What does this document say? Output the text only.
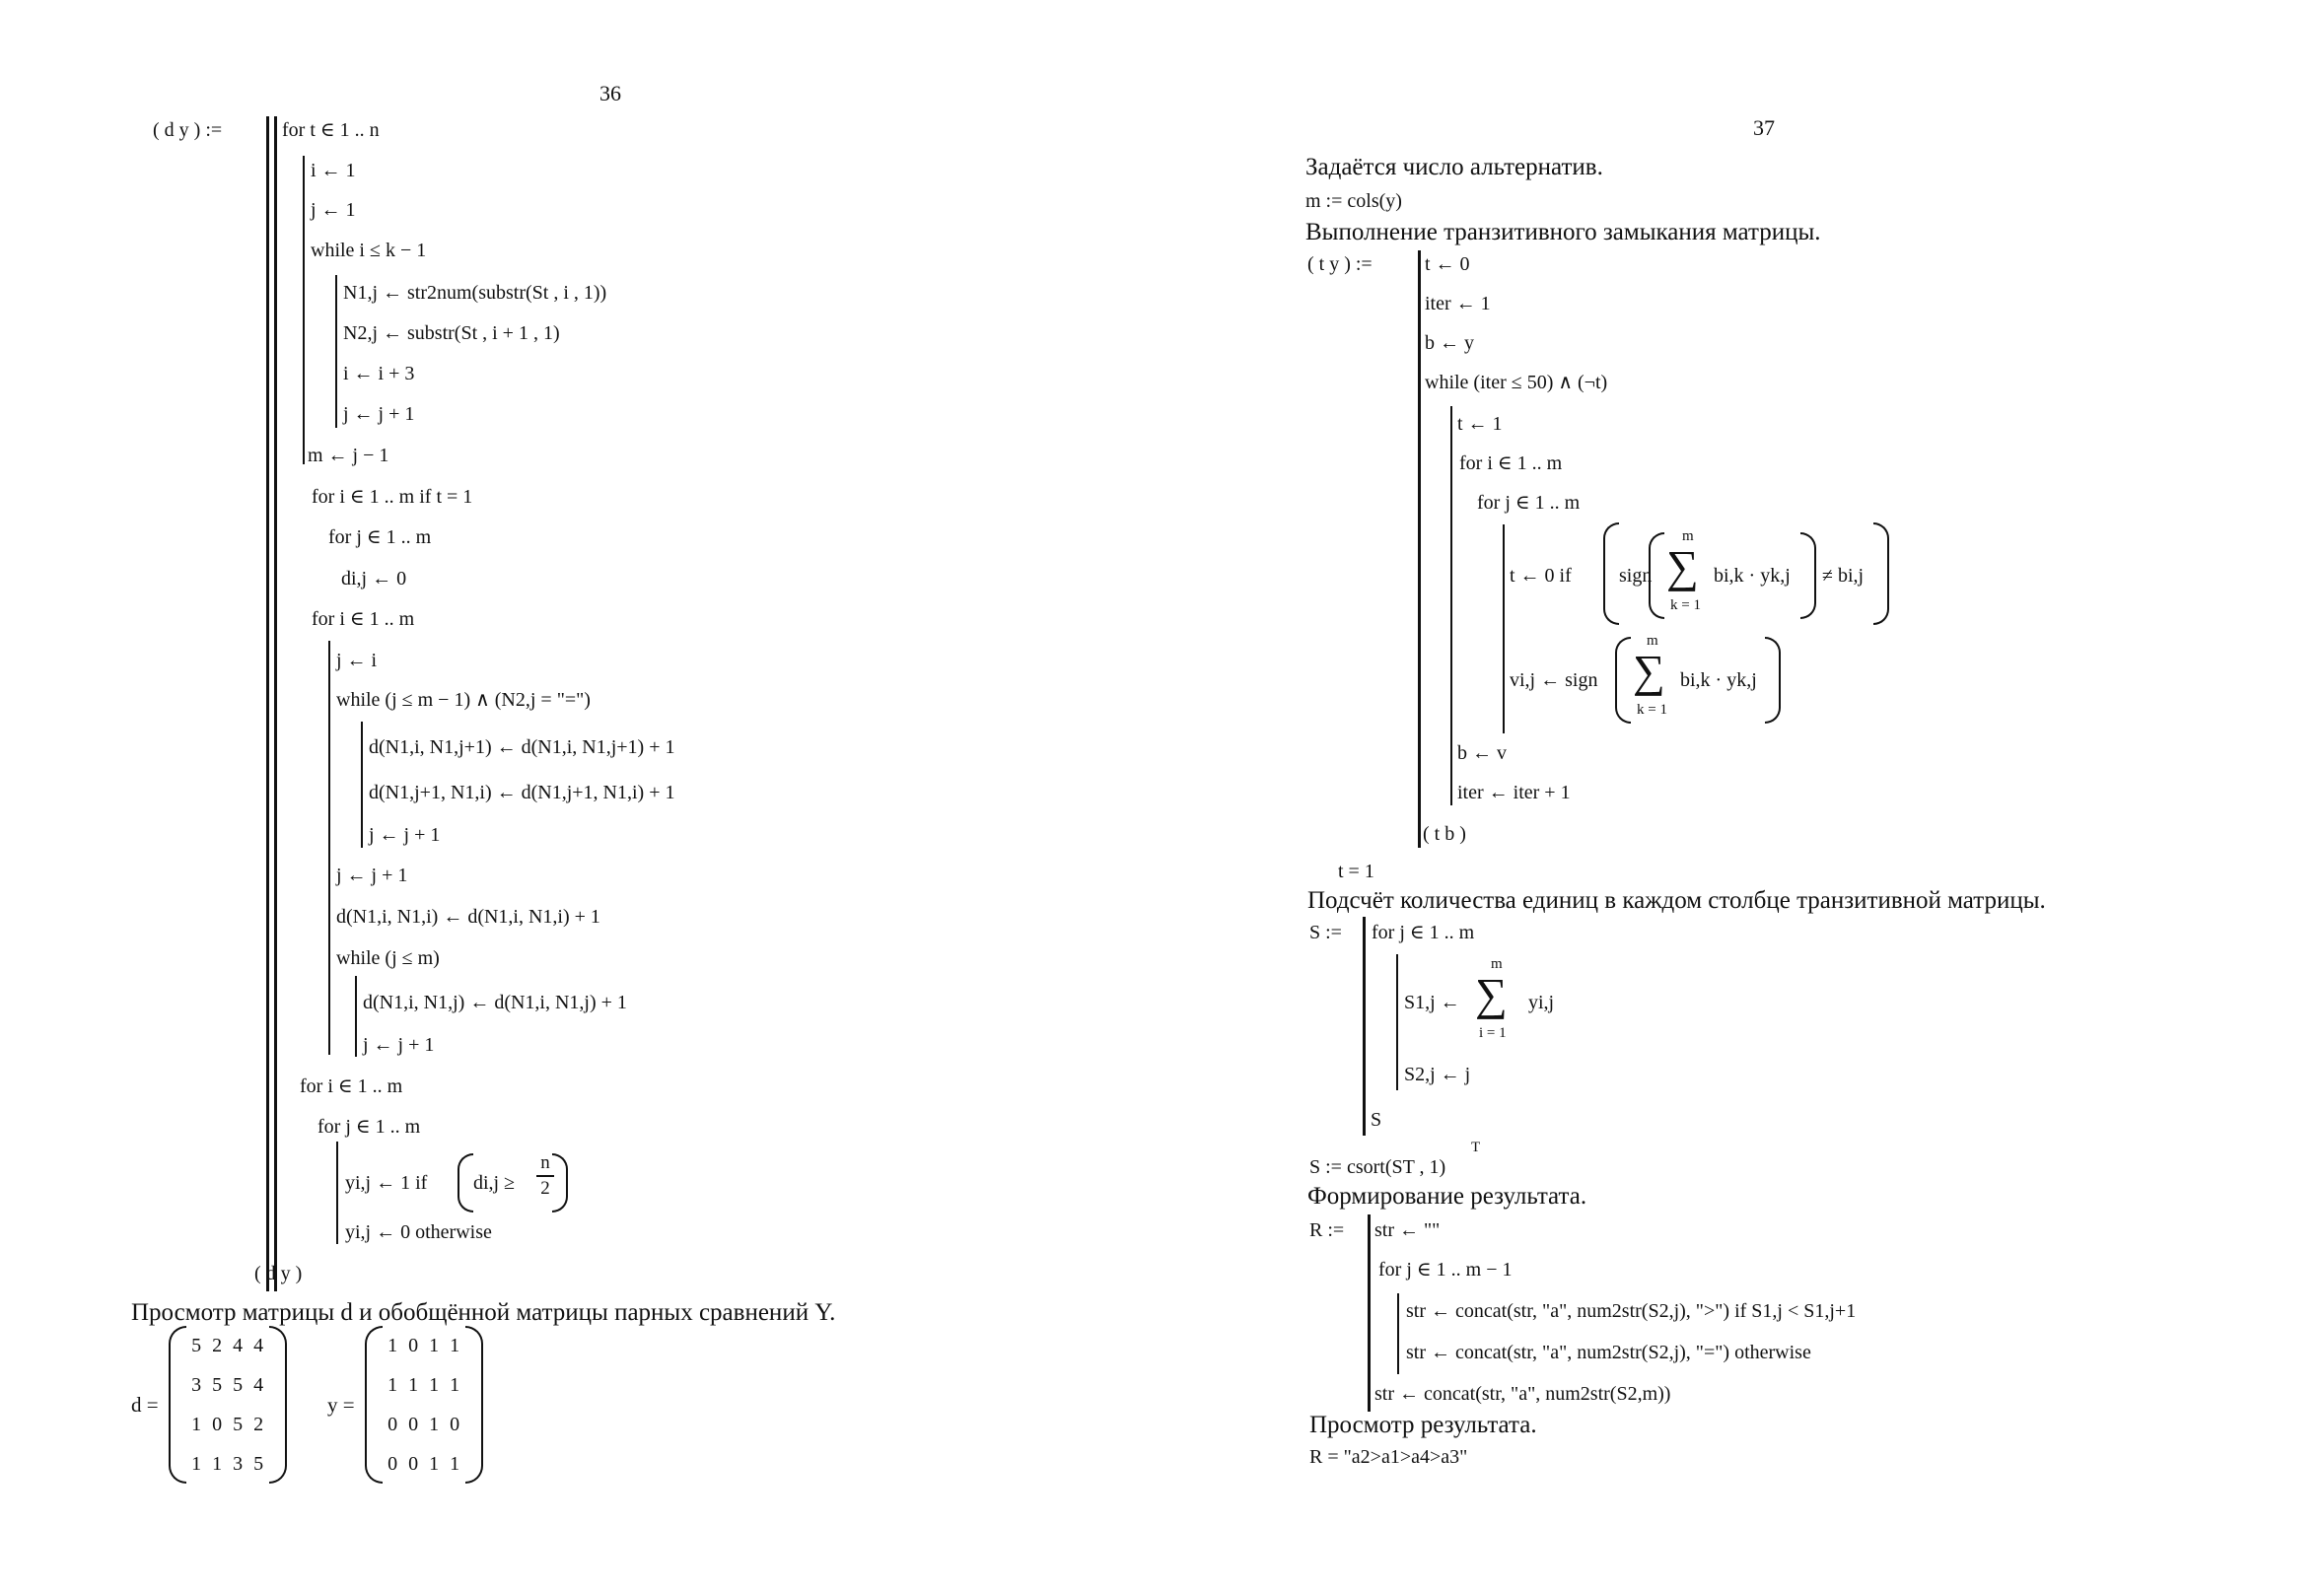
36
( d y ) :=	for t ∈ 1 .. n
i ← 1
j ← 1
while i ≤ k − 1
N1,j ← str2num(substr(St , i , 1))
N2,j ← substr(St , i + 1 , 1)
i ← i + 3
j ← j + 1
m ← j − 1
for i ∈ 1 .. m if t = 1
for j ∈ 1 .. m
di,j ← 0
for i ∈ 1 .. m
j ← i
while (j ≤ m − 1) ∧ (N2,j = "=")
d(N1,i, N1,j+1) ← d(N1,i, N1,j+1) + 1
d(N1,j+1, N1,i) ← d(N1,j+1, N1,i) + 1
j ← j + 1
j ← j + 1
d(N1,i, N1,i) ← d(N1,i, N1,i) + 1
while (j ≤ m)
d(N1,i, N1,j) ← d(N1,i, N1,j) + 1
j ← j + 1
for i ∈ 1 .. m
for j ∈ 1 .. m
yi,j ← 1 if di,j ≥
n
2
yi,j ← 0 otherwise
( d y )
Просмотр матрицы d и обобщённой матрицы парных сравнений Y.
d =
5	2	4	4
3	5	5	4
1	0	5	2
1	1	3	5
y =
1	0	1	1
1	1	1	1
0	0	1	0
0	0	1	1
37
Задаётся число альтернатив.
m := cols(y)
Выполнение транзитивного замыкания матрицы.
( t y ) :=	t ← 0
iter ← 1
b ← y
while (iter ≤ 50) ∧ (¬t)
t ← 1
for i ∈ 1 .. m
for j ∈ 1 .. m
t ← 0 if sign
m
∑
k = 1
bi,k · yk,j ≠ bi,j
vi,j ← sign
m
∑
k = 1
bi,k · yk,j
b ← v
iter ← iter + 1
( t b )
t = 1
Подсчёт количества единиц в каждом столбце транзитивной матрицы.
S := for j ∈ 1 .. m
S1,j ←
m
∑
i = 1
yi,j
S2,j ← j
S
S := csort(ST , 1)
T
Формирование результата.
R := str ← ""
for j ∈ 1 .. m − 1
str ← concat(str, "a", num2str(S2,j), ">") if S1,j < S1,j+1
str ← concat(str, "a", num2str(S2,j), "=") otherwise
str ← concat(str, "a", num2str(S2,m))
Просмотр результата.
R = "a2>a1>a4>a3"
